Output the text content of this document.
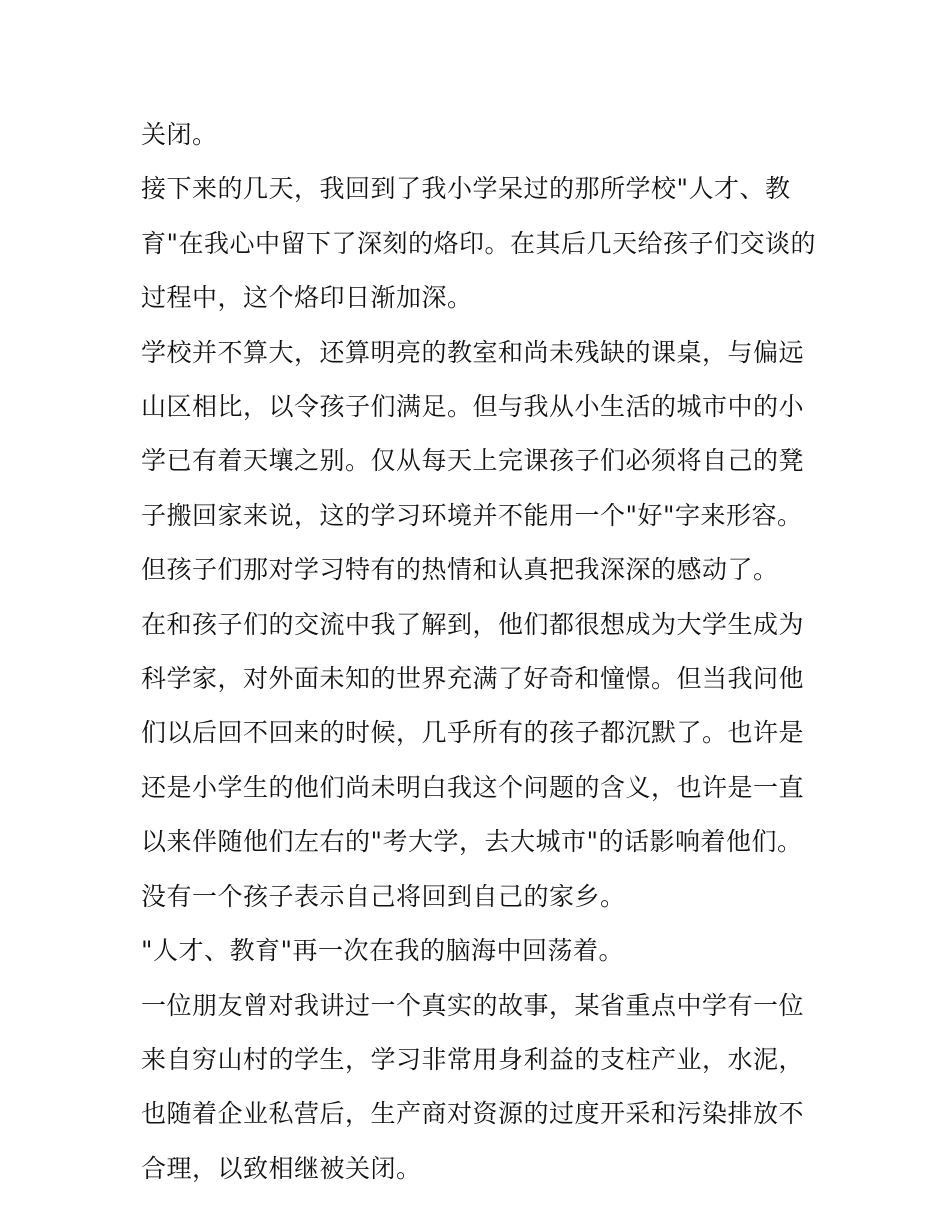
关闭。

接下来的几天，我回到了我小学呆过的那所学校"人才、教育"在我心中留下了深刻的烙印。在其后几天给孩子们交谈的过程中，这个烙印日渐加深。

学校并不算大，还算明亮的教室和尚未残缺的课桌，与偏远山区相比，以令孩子们满足。但与我从小生活的城市中的小学已有着天壤之别。仅从每天上完课孩子们必须将自己的凳子搬回家来说，这的学习环境并不能用一个"好"字来形容。但孩子们那对学习特有的热情和认真把我深深的感动了。

在和孩子们的交流中我了解到，他们都很想成为大学生成为科学家，对外面未知的世界充满了好奇和憧憬。但当我问他们以后回不回来的时候，几乎所有的孩子都沉默了。也许是还是小学生的他们尚未明白我这个问题的含义，也许是一直以来伴随他们左右的"考大学，去大城市"的话影响着他们。没有一个孩子表示自己将回到自己的家乡。

"人才、教育"再一次在我的脑海中回荡着。

一位朋友曾对我讲过一个真实的故事，某省重点中学有一位来自穷山村的学生，学习非常用身利益的支柱产业，水泥，也随着企业私营后，生产商对资源的过度开采和污染排放不合理，以致相继被关闭。
